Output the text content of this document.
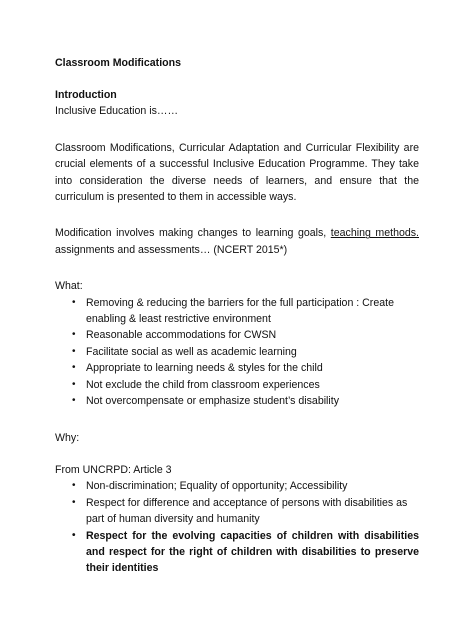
Classroom Modifications
Introduction

Inclusive Education is……

Classroom Modifications, Curricular Adaptation and Curricular Flexibility are crucial elements of a successful Inclusive Education Programme. They take into consideration the diverse needs of learners, and ensure that the curriculum is presented to them in accessible ways.

Modification involves making changes to learning goals, teaching methods. assignments and assessments… (NCERT 2015*)

What:

• Removing & reducing the barriers for the full participation : Create enabling & least restrictive environment
• Reasonable accommodations for CWSN
• Facilitate social as well as academic learning
• Appropriate to learning needs & styles for the child
• Not exclude the child from classroom experiences
• Not overcompensate or emphasize student’s disability

Why:

From UNCRPD: Article 3

• Non-discrimination; Equality of opportunity; Accessibility
• Respect for difference and acceptance of persons with disabilities as part of human diversity and humanity
• Respect for the evolving capacities of children with disabilities and respect for the right of children with disabilities to preserve their identities
